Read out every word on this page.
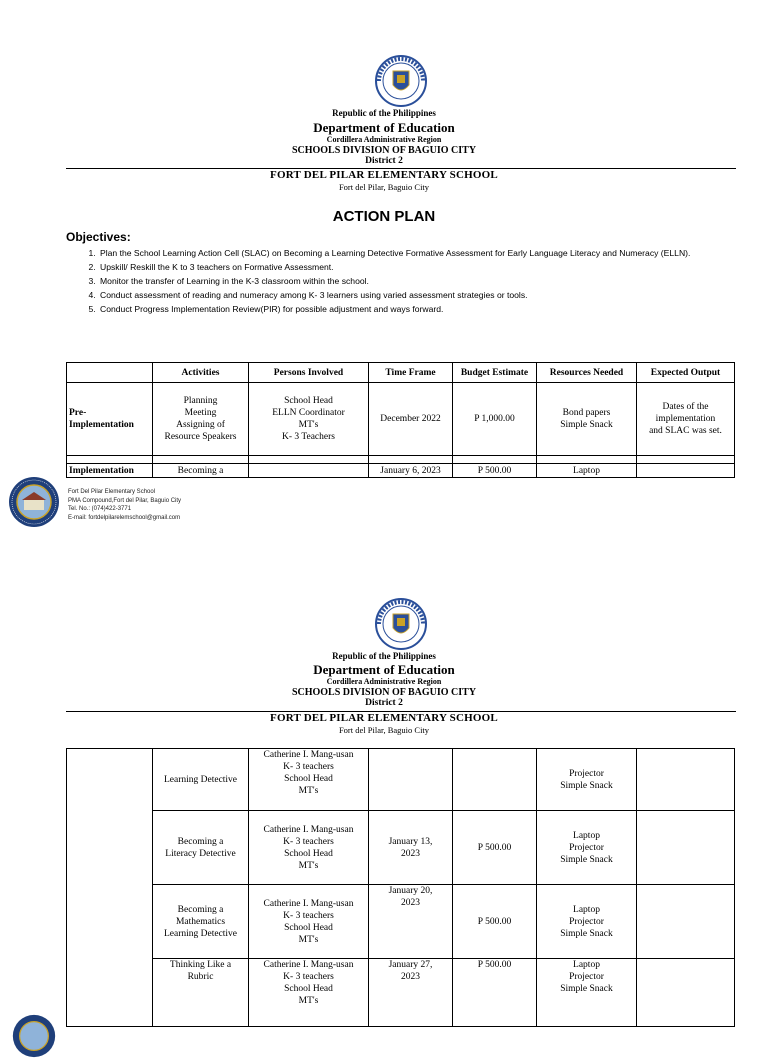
Republic of the Philippines
Department of Education
Cordillera Administrative Region
SCHOOLS DIVISION OF BAGUIO CITY
District 2
FORT DEL PILAR ELEMENTARY SCHOOL
Fort del Pilar, Baguio City
ACTION PLAN
Objectives:
1. Plan the School Learning Action Cell (SLAC) on Becoming a Learning Detective Formative Assessment for Early Language Literacy and Numeracy (ELLN).
2. Upskill/ Reskill the K to 3 teachers on Formative Assessment.
3. Monitor the transfer of Learning in the K-3 classroom within the school.
4. Conduct assessment of reading and numeracy among K- 3 learners using varied assessment strategies or tools.
5. Conduct Progress Implementation Review(PIR) for possible adjustment and ways forward.
	Activities	Persons Involved	Time Frame	Budget Estimate	Resources Needed	Expected Output
Pre-
Implementation	Planning
Meeting
Assigning of
Resource Speakers	School Head
ELLN Coordinator
MT's
K- 3 Teachers	December 2022	P 1,000.00	Bond papers
Simple Snack	Dates of the
implementation
and SLAC was set.

Implementation	Becoming a		January 6, 2023	P 500.00	Laptop	
Fort Del Pilar Elementary School
PMA Compound,Fort del Pilar, Baguio City
Tel. No.: (074)422-3771
E-mail: fortdelpilarelemschool@gmail.com
Republic of the Philippines
Department of Education
Cordillera Administrative Region
SCHOOLS DIVISION OF BAGUIO CITY
District 2
FORT DEL PILAR ELEMENTARY SCHOOL
Fort del Pilar, Baguio City
	Learning Detective	Catherine I. Mang-usan
K- 3 teachers
School Head
MT's			Projector
Simple Snack	
	Becoming a
Literacy Detective	Catherine I. Mang-usan
K- 3 teachers
School Head
MT's	January 13,
2023	P 500.00	Laptop
Projector
Simple Snack	
	Becoming a
Mathematics
Learning Detective	Catherine I. Mang-usan
K- 3 teachers
School Head
MT's	January 20,
2023	P 500.00	Laptop
Projector
Simple Snack	
	Thinking Like a
Rubric	Catherine I. Mang-usan
K- 3 teachers
School Head
MT's	January 27,
2023	P 500.00	Laptop
Projector
Simple Snack	
